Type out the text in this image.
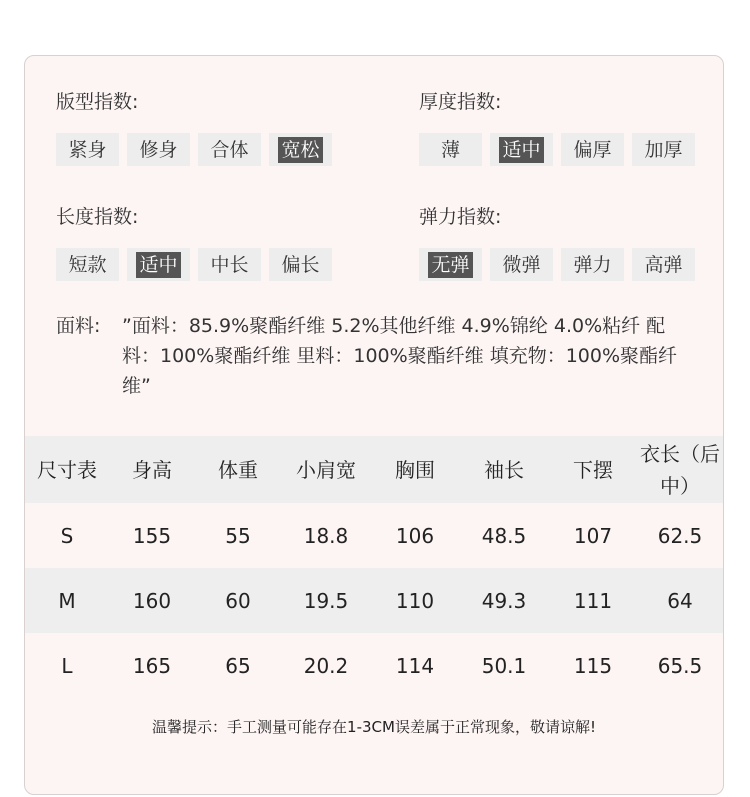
版型指数:
紧身 修身 合体 宽松
厚度指数:
薄 适中 偏厚 加厚
长度指数:
短款 适中 中长 偏长
弹力指数:
无弹 微弹 弹力 高弹
面料: ”面料：85.9%聚酯纤维 5.2%其他纤维 4.9%锦纶 4.0%粘纤 配料：100%聚酯纤维 里料：100%聚酯纤维 填充物：100%聚酯纤维”
尺寸表	身高	体重	小肩宽	胸围	袖长	下摆	衣长（后中）
S	155	55	18.8	106	48.5	107	62.5
M	160	60	19.5	110	49.3	111	64
L	165	65	20.2	114	50.1	115	65.5
温馨提示：手工测量可能存在1-3CM误差属于正常现象，敬请谅解!
